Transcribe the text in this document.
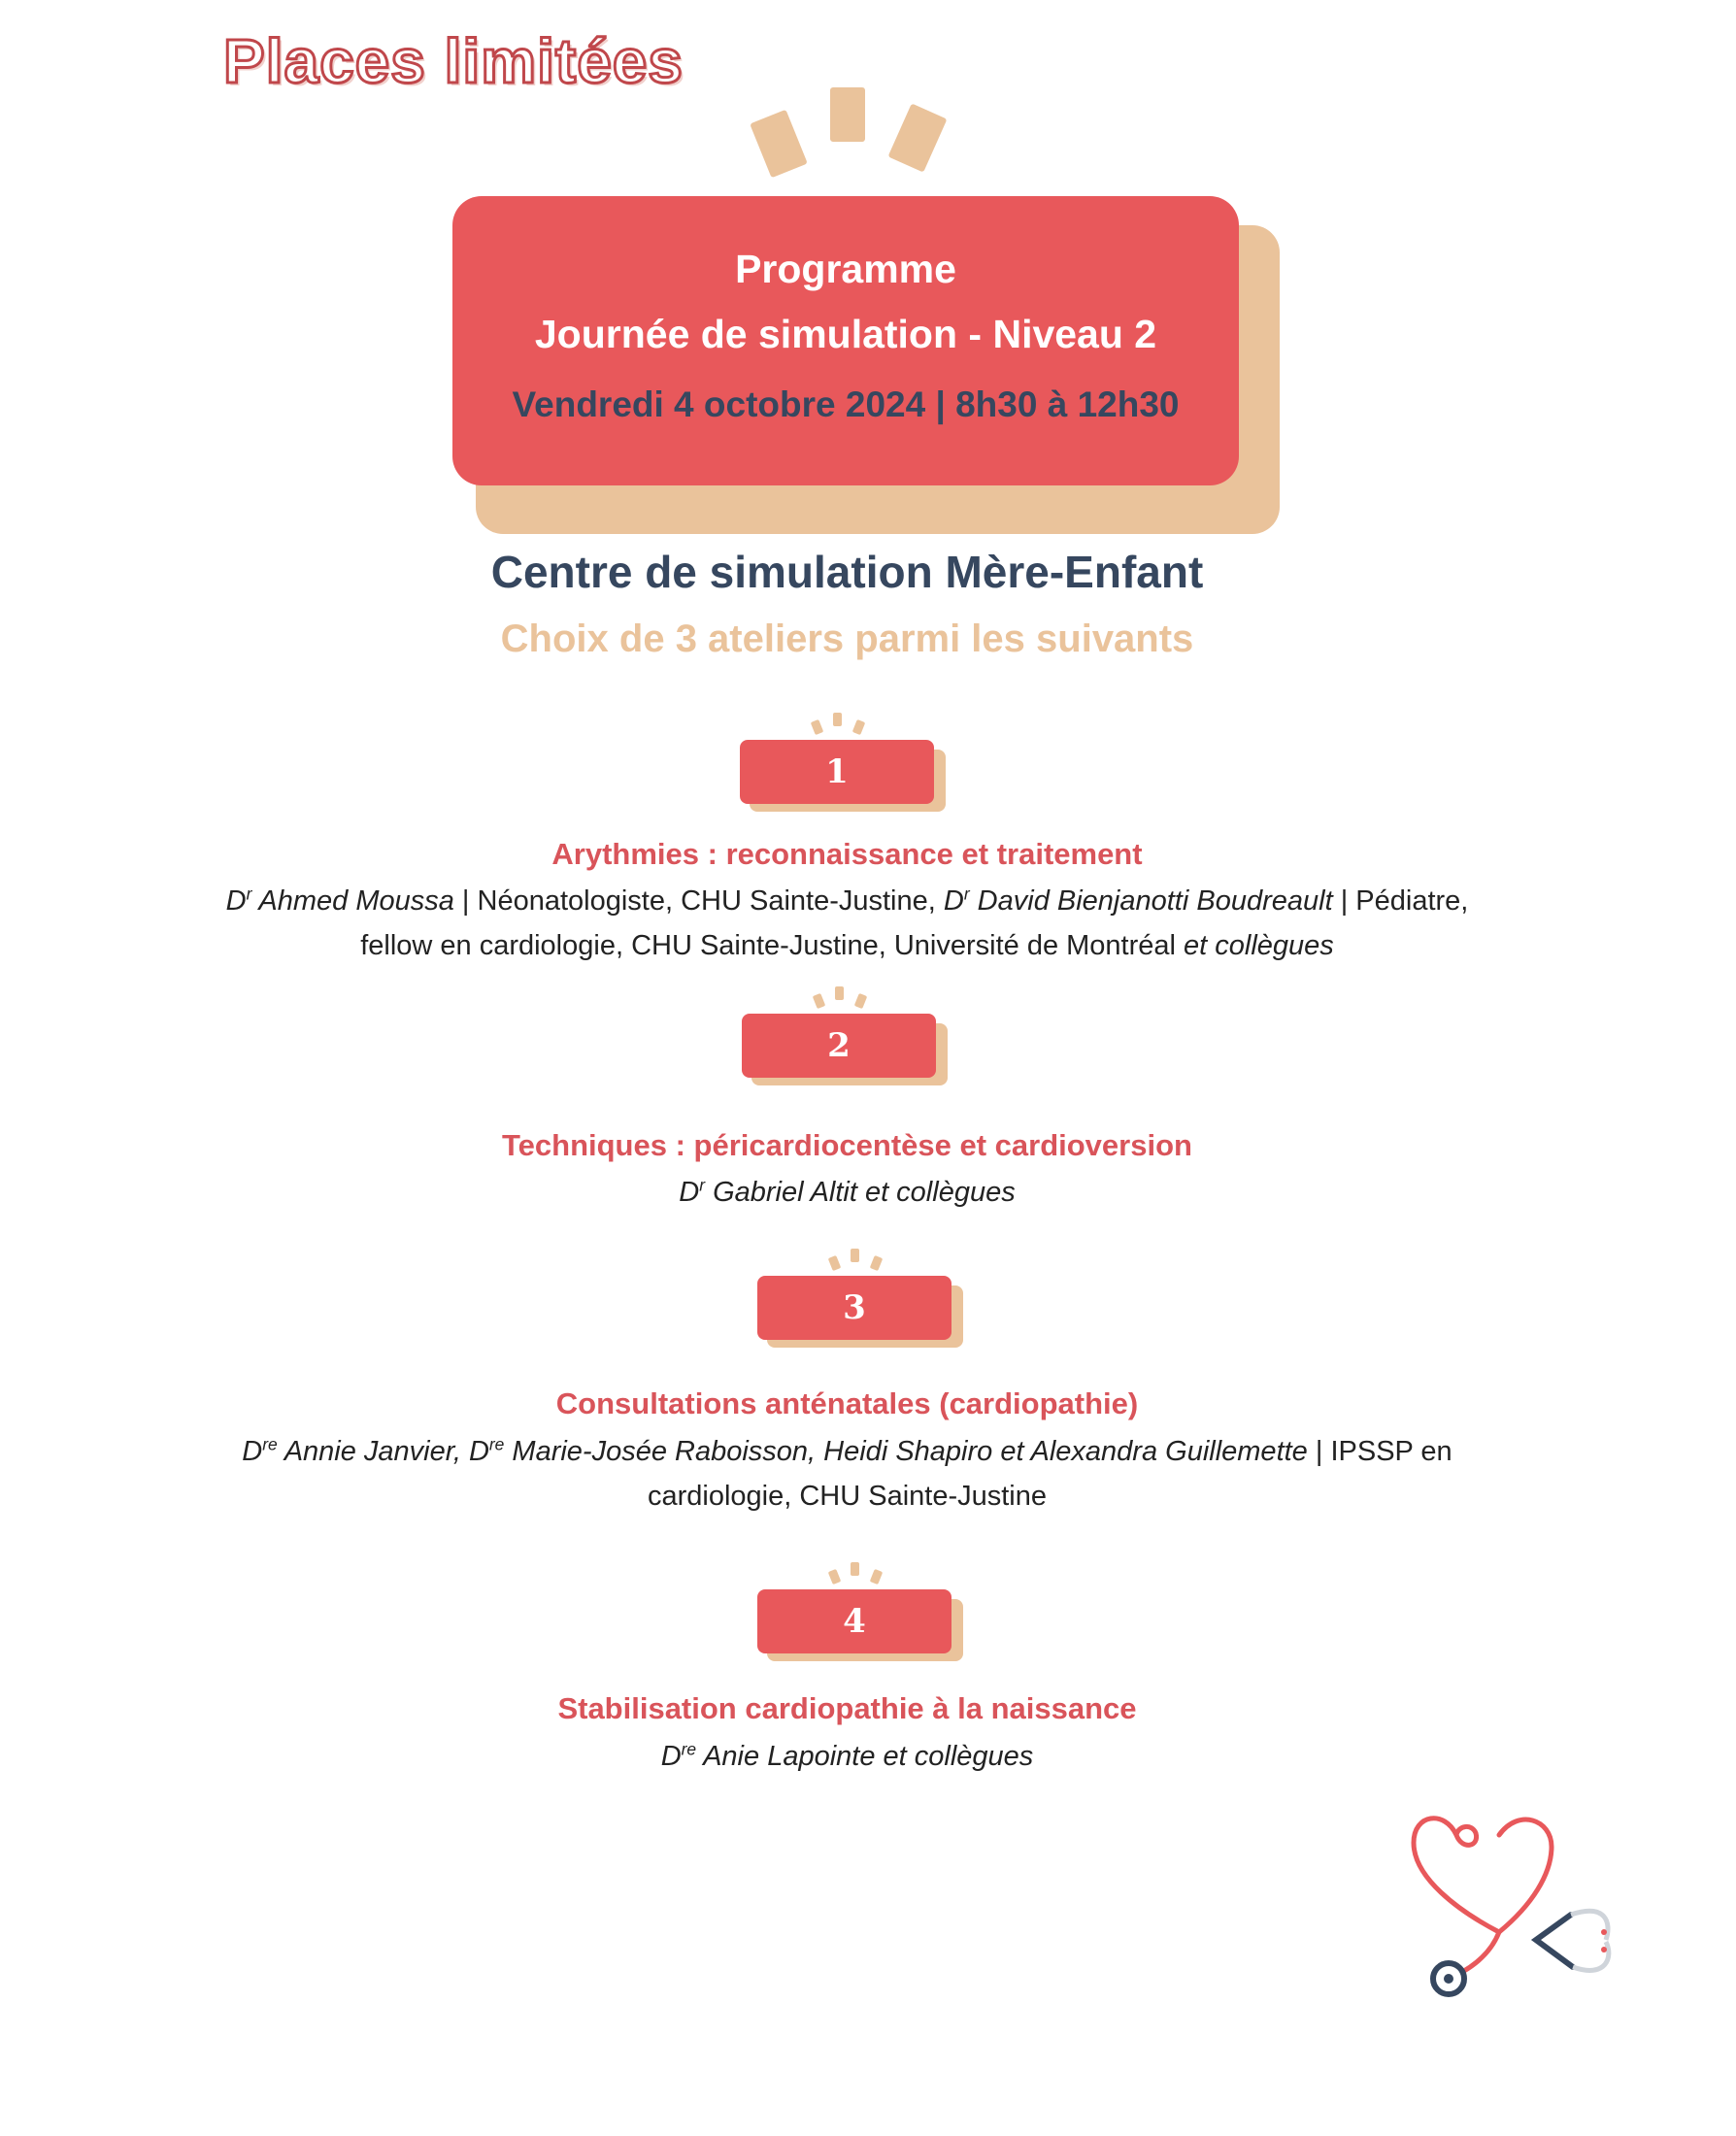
Places limitées
Programme
Journée de simulation - Niveau 2
Vendredi 4 octobre 2024 | 8h30 à 12h30
Centre de simulation Mère-Enfant
Choix de 3 ateliers parmi les suivants
1
Arythmies : reconnaissance et traitement
$D^r$ Ahmed Moussa | Néonatologiste, CHU Sainte-Justine, $D^r$ David Bienjanotti Boudreault | Pédiatre, fellow en cardiologie, CHU Sainte-Justine, Université de Montréal et collègues
2
Techniques : péricardiocentèse et cardioversion
$D^r$ Gabriel Altit et collègues
3
Consultations anténatales (cardiopathie)
Dre Annie Janvier, Dre Marie-Josée Raboisson, Heidi Shapiro et Alexandra Guillemette | IPSSP en cardiologie, CHU Sainte-Justine
4
Stabilisation cardiopathie à la naissance
Dre Anie Lapointe et collègues
